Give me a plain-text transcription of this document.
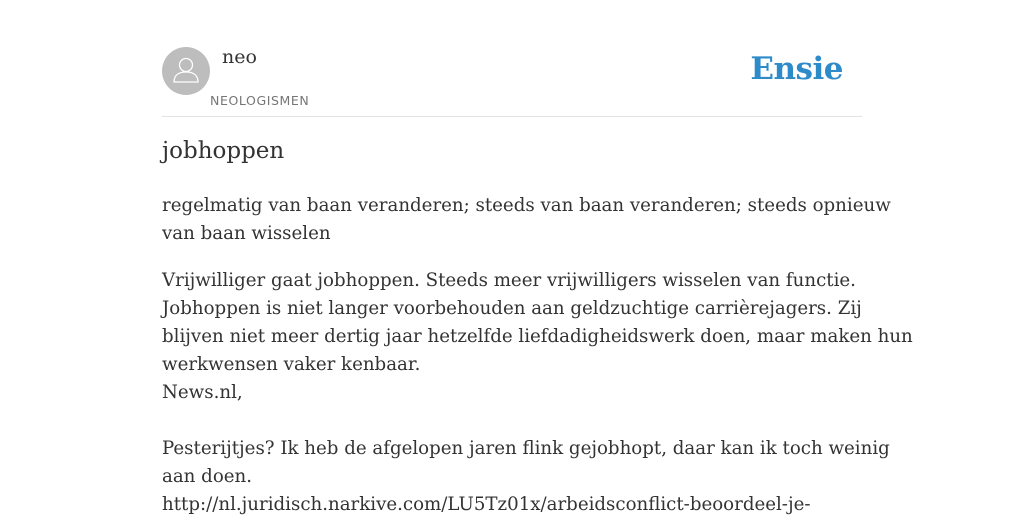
neo
NEOLOGISMEN
Ensie
jobhoppen

regelmatig van baan veranderen; steeds van baan veranderen; steeds opnieuw
van baan wisselen

Vrijwilliger gaat jobhoppen. Steeds meer vrijwilligers wisselen van functie.
Jobhoppen is niet langer voorbehouden aan geldzuchtige carrièrejagers. Zij
blijven niet meer dertig jaar hetzelfde liefdadigheidswerk doen, maar maken hun
werkwensen vaker kenbaar.
News.nl,

Pesterijtjes? Ik heb de afgelopen jaren flink gejobhopt, daar kan ik toch weinig
aan doen.
http://nl.juridisch.narkive.com/LU5Tz01x/arbeidsconflict-beoordeel-je-
